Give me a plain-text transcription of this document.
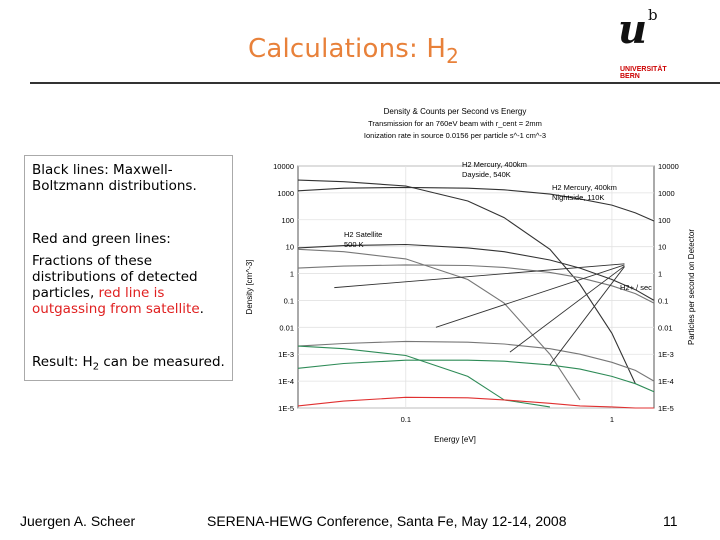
Calculations: $H_2$
u b
UNIVERSITÄT
BERN
Black lines: Maxwell-Boltzmann distributions.
Red and green lines:
Fractions of these distributions of detected particles, red line is outgassing from satellite.
Result: $H_2$ can be measured.
Density & Counts per Second vs Energy
Transmission for an 760eV beam with r_cent = 2mm
Ionization rate in source 0.0156 per particle s^-1 cm^-3
10000	10000
1000	1000
100	100
10	10
1	1
0.1	0.1
0.01	0.01
1E-3	1E-3
1E-4	1E-4
1E-5	1E-5
0.1	1
Energy [eV]
Density [cm^-3]	Particles per second on Detector
H2 Mercury, 400km
Dayside, 540K
H2 Mercury, 400km
Nightside, 110K
H2 Satellite
500 K
H2+ / sec
Juergen A. Scheer	SERENA-HEWG Conference, Santa Fe, May 12-14, 2008	11
